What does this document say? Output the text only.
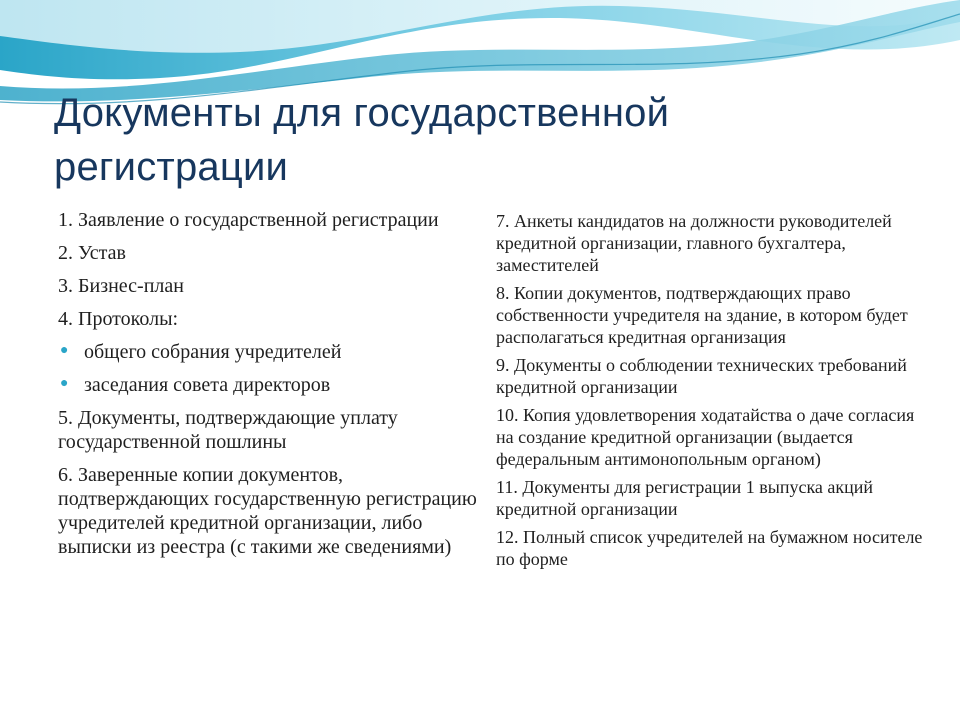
Документы для государственной регистрации

1. Заявление о государственной регистрации

2. Устав

3. Бизнес-план

4. Протоколы:

● общего собрания учредителей
● заседания совета директоров

5. Документы, подтверждающие уплату государственной пошлины

6. Заверенные копии документов, подтверждающих государственную регистрацию учредителей кредитной организации, либо выписки из реестра (с такими же сведениями)

7. Анкеты кандидатов на должности руководителей кредитной организации, главного бухгалтера, заместителей

8. Копии документов, подтверждающих право собственности учредителя на здание, в котором будет располагаться кредитная организация

9. Документы о соблюдении технических требований кредитной организации

10. Копия удовлетворения ходатайства о даче согласия на создание кредитной организации (выдается федеральным антимонопольным органом)

11. Документы для регистрации 1 выпуска акций кредитной организации

12. Полный список учредителей на бумажном носителе по форме
